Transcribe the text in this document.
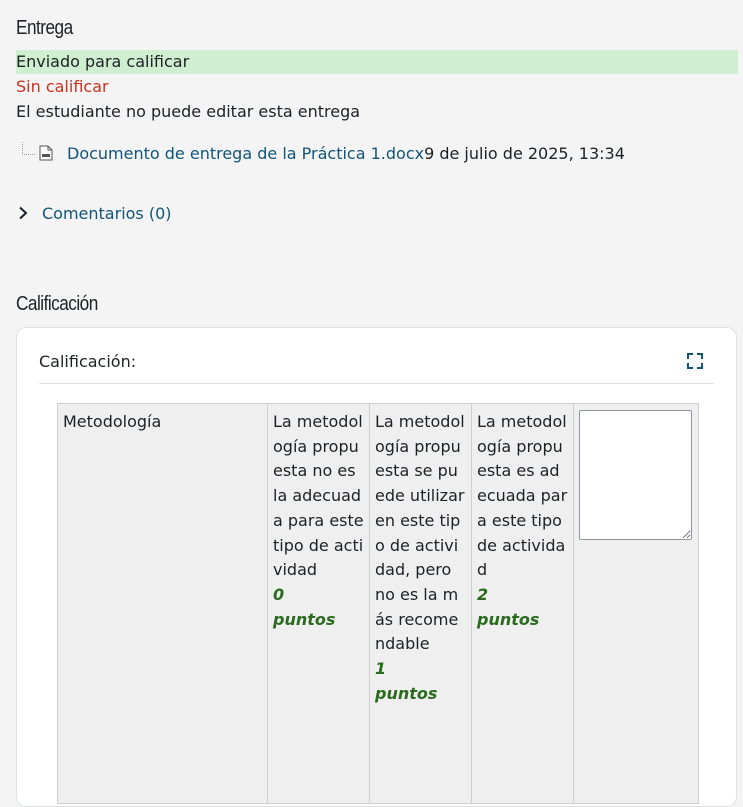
Entrega
Enviado para calificar
Sin calificar
El estudiante no puede editar esta entrega
Documento de entrega de la Práctica 1.docx 9 de julio de 2025, 13:34
Comentarios (0)
Calificación
Calificación:
Metodología	La metodología propuesta no es la adecuada para este tipo de actividad
0
puntos
	La metodología propuesta se puede utilizar en este tipo de actividad, pero no es la más recomendable
1
puntos
	La metodología propuesta es adecuada para este tipo de actividad
2
puntos
